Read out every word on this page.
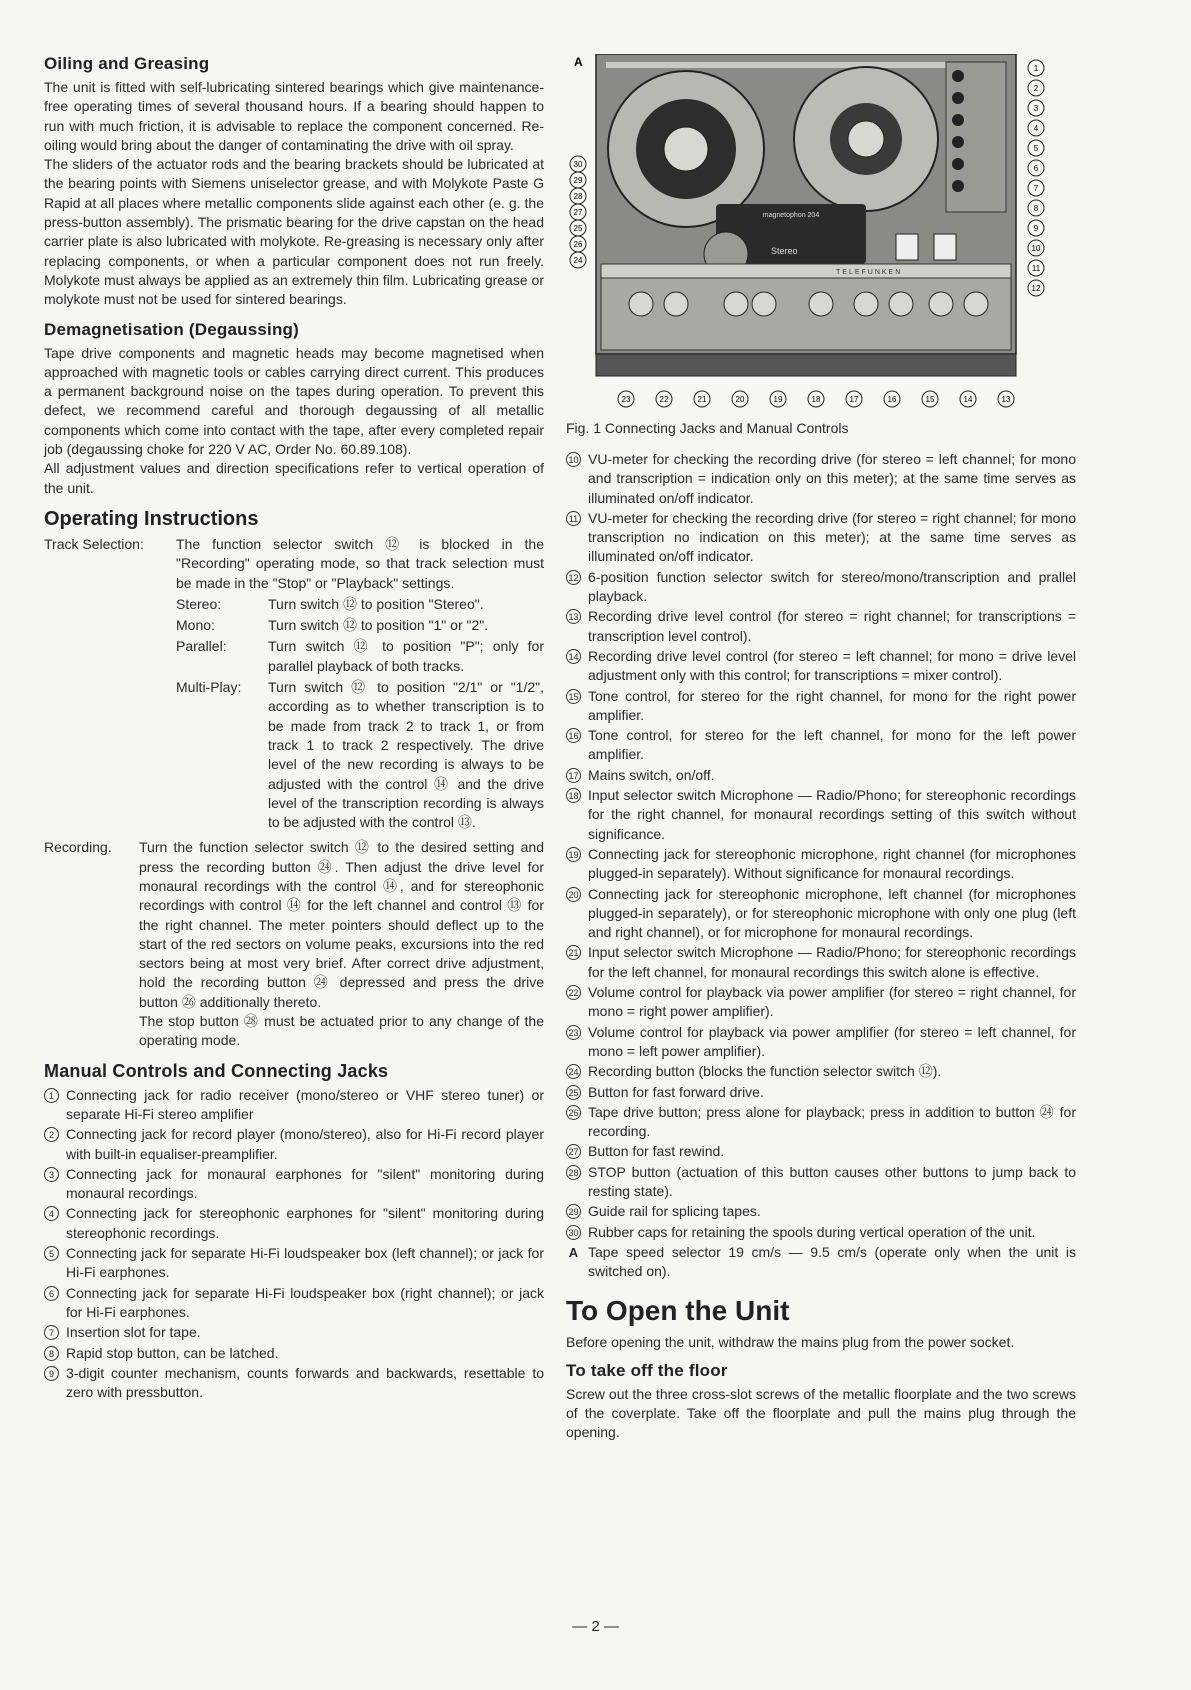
Oiling and Greasing

The unit is fitted with self-lubricating sintered bearings which give maintenance-free operating times of several thousand hours. If a bearing should happen to run with much friction, it is advisable to replace the component concerned. Re-oiling would bring about the danger of contaminating the drive with oil spray.

The sliders of the actuator rods and the bearing brackets should be lubricated at the bearing points with Siemens uniselector grease, and with Molykote Paste G Rapid at all places where metallic components slide against each other (e. g. the press-button assembly). The prismatic bearing for the drive capstan on the head carrier plate is also lubricated with molykote. Re-greasing is necessary only after replacing components, or when a particular component does not run freely. Molykote must always be applied as an extremely thin film. Lubricating grease or molykote must not be used for sintered bearings.

Demagnetisation (Degaussing)

Tape drive components and magnetic heads may become magnetised when approached with magnetic tools or cables carrying direct current. This produces a permanent background noise on the tapes during operation. To prevent this defect, we recommend careful and thorough degaussing of all metallic components which come into contact with the tape, after every completed repair job (degaussing choke for 220 V AC, Order No. 60.89.108).

All adjustment values and direction specifications refer to vertical operation of the unit.

Operating Instructions
Track Selection:	The function selector switch ⑫ is blocked in the "Recording" operating mode, so that track selection must be made in the "Stop" or "Playback" settings.
Stereo:	Turn switch ⑫ to position "Stereo".
Mono:	Turn switch ⑫ to position "1" or "2".
Parallel:	Turn switch ⑫ to position "P"; only for parallel playback of both tracks.
Multi-Play:	Turn switch ⑫ to position "2/1" or "1/2", according as to whether transcription is to be made from track 2 to track 1, or from track 1 to track 2 respectively. The drive level of the new recording is always to be adjusted with the control ⑭ and the drive level of the transcription recording is always to be adjusted with the control ⑬.
Recording.	Turn the function selector switch ⑫ to the desired setting and press the recording button ㉔. Then adjust the drive level for monaural recordings with the control ⑭, and for stereophonic recordings with control ⑭ for the left channel and control ⑬ for the right channel. The meter pointers should deflect up to the start of the red sectors on volume peaks, excursions into the red sectors being at most very brief. After correct drive adjustment, hold the recording button ㉔ depressed and press the drive button ㉖ additionally thereto.
The stop button ㉘ must be actuated prior to any change of the operating mode.
Manual Controls and Connecting Jacks
1 Connecting jack for radio receiver (mono/stereo or VHF stereo tuner) or separate Hi-Fi stereo amplifier
2 Connecting jack for record player (mono/stereo), also for Hi-Fi record player with built-in equaliser-preamplifier.
3 Connecting jack for monaural earphones for "silent" monitoring during monaural recordings.
4 Connecting jack for stereophonic earphones for "silent" monitoring during stereophonic recordings.
5 Connecting jack for separate Hi-Fi loudspeaker box (left channel); or jack for Hi-Fi earphones.
6 Connecting jack for separate Hi-Fi loudspeaker box (right channel); or jack for Hi-Fi earphones.
7 Insertion slot for tape.
8 Rapid stop button, can be latched.
9 3-digit counter mechanism, counts forwards and backwards, resettable to zero with pressbutton.
magnetophon 204
Stereo
TELEFUNKEN
1
2
3
4
5
6
7
8
9
10
11
12
30
29
28
27
25
26
24
23	22	21	20	19	18	17	16	15	14	13
A
Fig. 1 Connecting Jacks and Manual Controls
10 VU-meter for checking the recording drive (for stereo = left channel; for mono and transcription = indication only on this meter); at the same time serves as illuminated on/off indicator.
11 VU-meter for checking the recording drive (for stereo = right channel; for mono transcription no indication on this meter); at the same time serves as illuminated on/off indicator.
12 6-position function selector switch for stereo/mono/transcription and prallel playback.
13 Recording drive level control (for stereo = right channel; for transcriptions = transcription level control).
14 Recording drive level control (for stereo = left channel; for mono = drive level adjustment only with this control; for transcriptions = mixer control).
15 Tone control, for stereo for the right channel, for mono for the right power amplifier.
16 Tone control, for stereo for the left channel, for mono for the left power amplifier.
17 Mains switch, on/off.
18 Input selector switch Microphone — Radio/Phono; for stereophonic recordings for the right channel, for monaural recordings setting of this switch without significance.
19 Connecting jack for stereophonic microphone, right channel (for microphones plugged-in separately). Without significance for monaural recordings.
20 Connecting jack for stereophonic microphone, left channel (for microphones plugged-in separately), or for stereophonic microphone with only one plug (left and right channel), or for microphone for monaural recordings.
21 Input selector switch Microphone — Radio/Phono; for stereophonic recordings for the left channel, for monaural recordings this switch alone is effective.
22 Volume control for playback via power amplifier (for stereo = right channel, for mono = right power amplifier).
23 Volume control for playback via power amplifier (for stereo = left channel, for mono = left power amplifier).
24 Recording button (blocks the function selector switch ⑫).
25 Button for fast forward drive.
26 Tape drive button; press alone for playback; press in addition to button ㉔ for recording.
27 Button for fast rewind.
28 STOP button (actuation of this button causes other buttons to jump back to resting state).
29 Guide rail for splicing tapes.
30 Rubber caps for retaining the spools during vertical operation of the unit.
A Tape speed selector 19 cm/s — 9.5 cm/s (operate only when the unit is switched on).
To Open the Unit

Before opening the unit, withdraw the mains plug from the power socket.

To take off the floor

Screw out the three cross-slot screws of the metallic floorplate and the two screws of the coverplate. Take off the floorplate and pull the mains plug through the opening.

— 2 —
